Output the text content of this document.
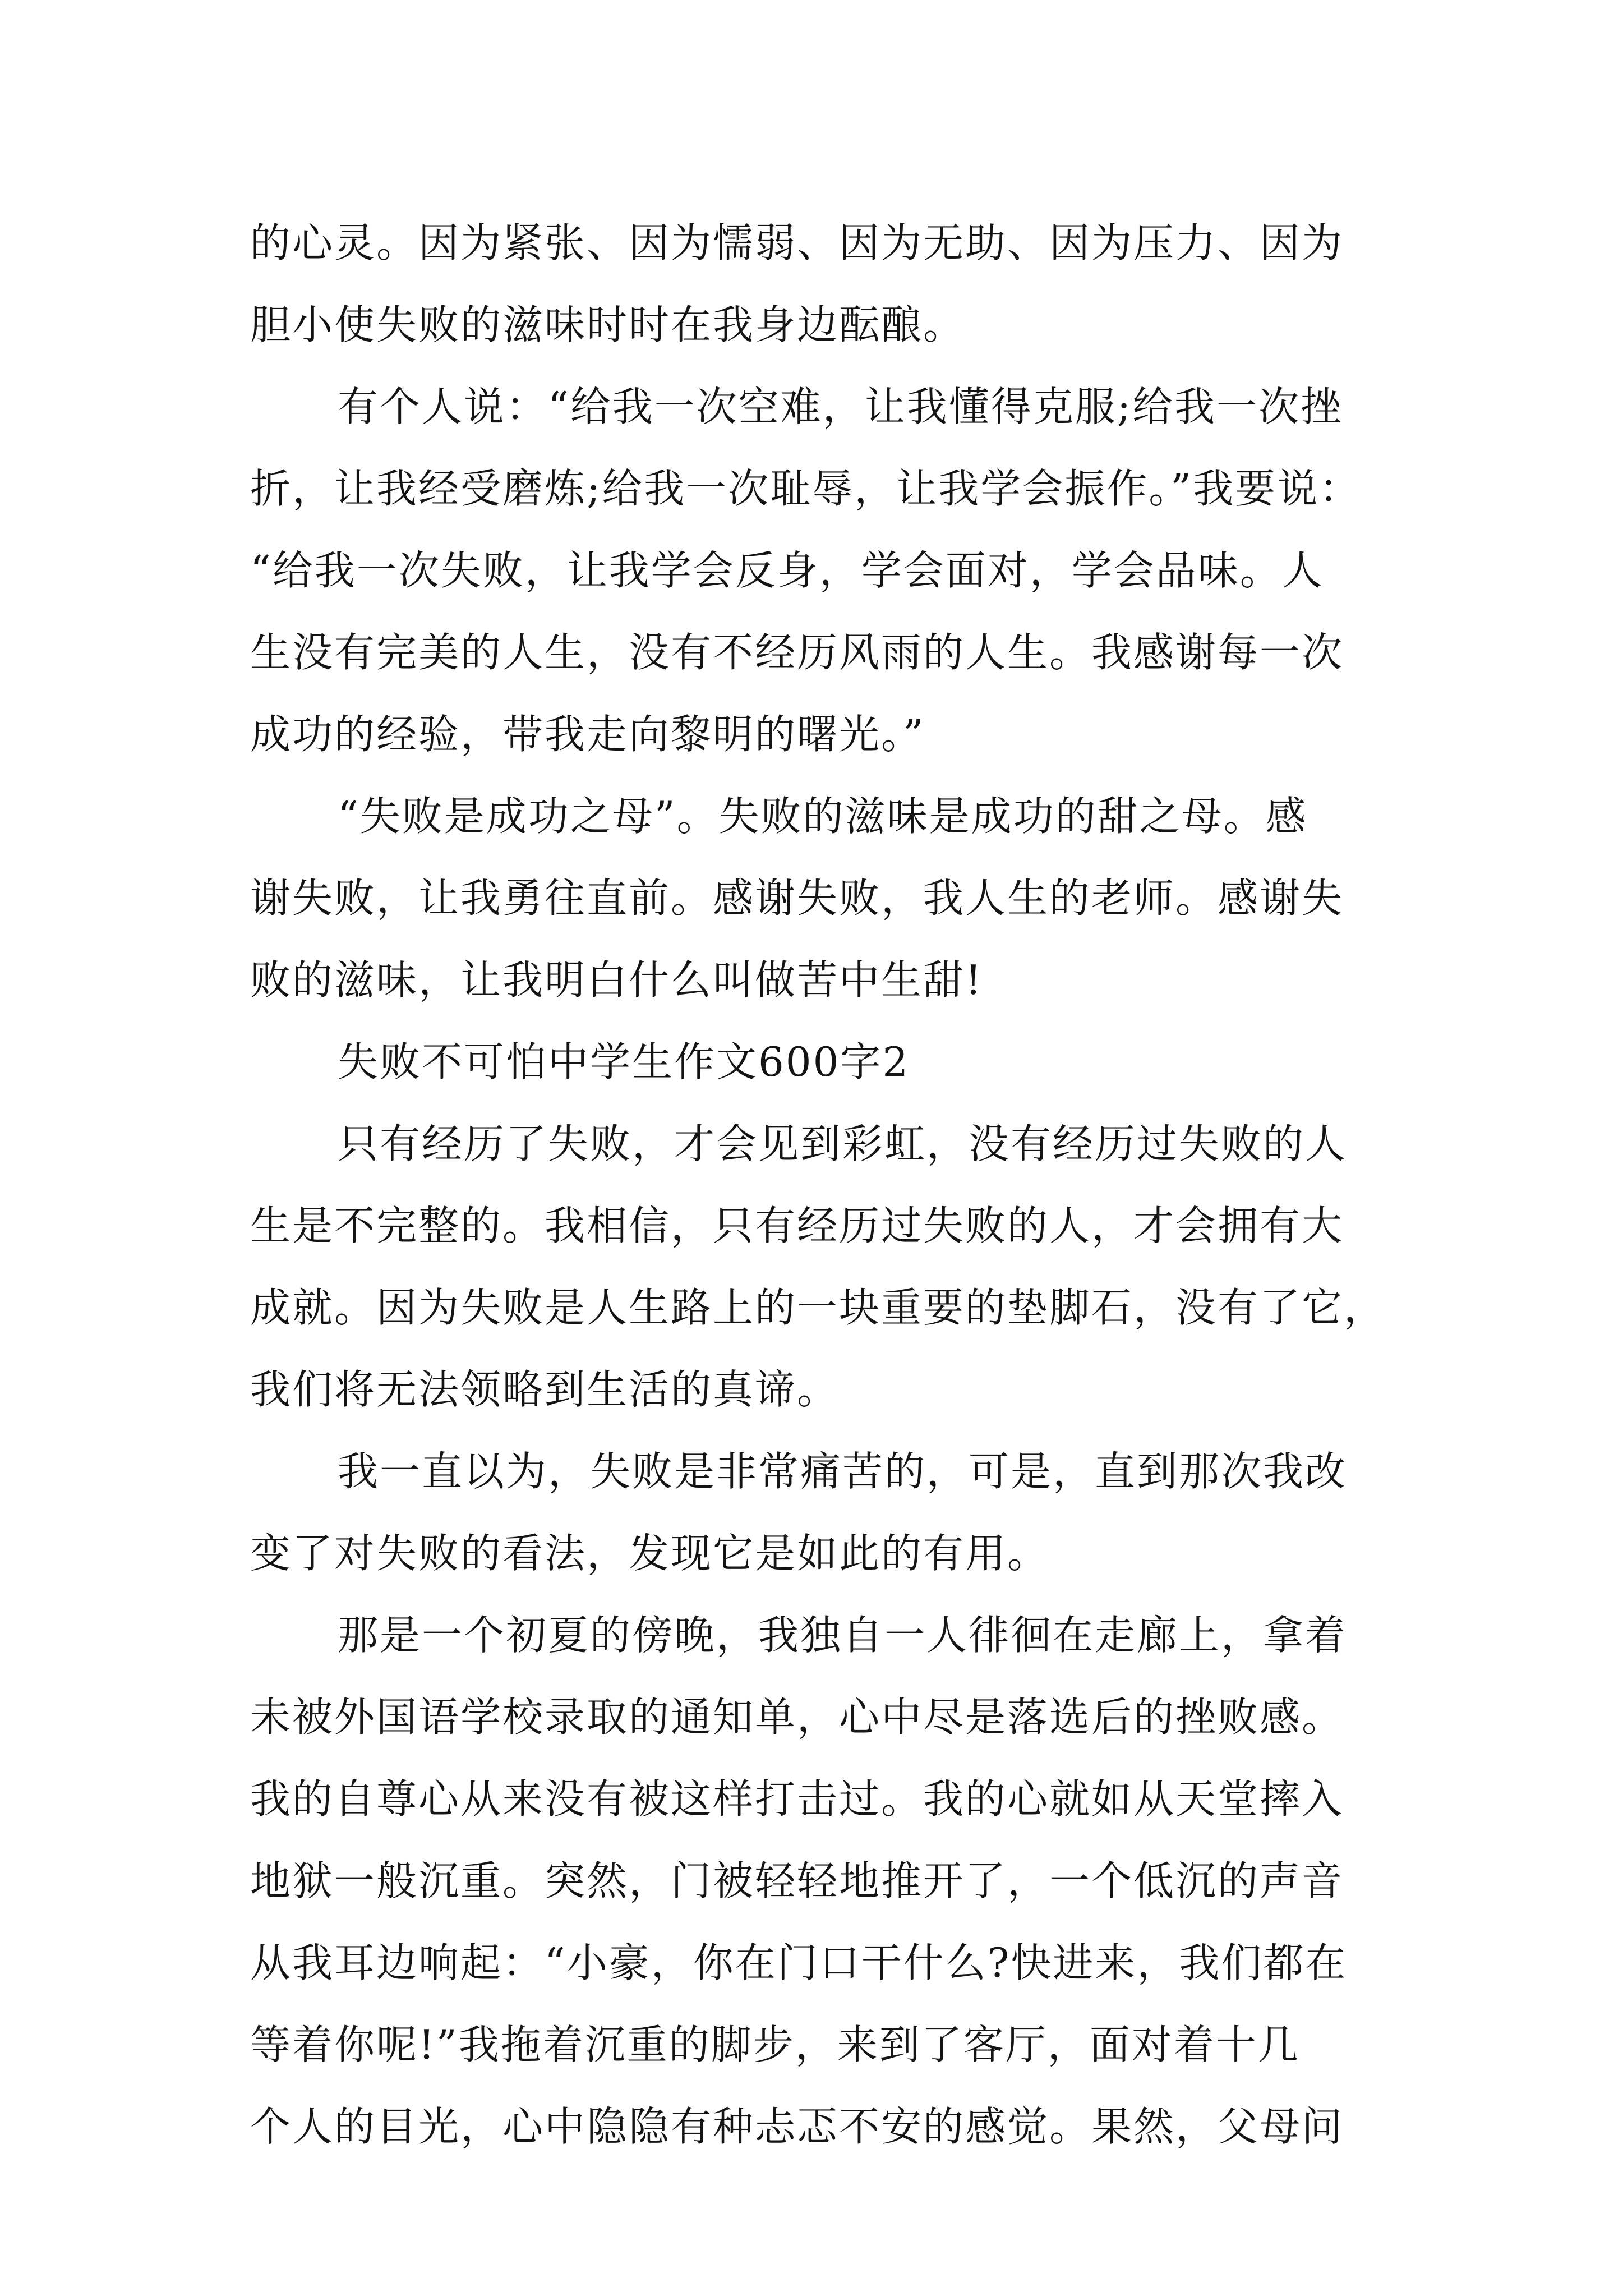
的心灵。因为紧张、因为懦弱、因为无助、因为压力、因为
胆小使失败的滋味时时在我身边酝酿。
有个人说：“给我一次空难，让我懂得克服;给我一次挫
折，让我经受磨炼;给我一次耻辱，让我学会振作。”我要说：
“给我一次失败，让我学会反身，学会面对，学会品味。人
生没有完美的人生，没有不经历风雨的人生。我感谢每一次
成功的经验，带我走向黎明的曙光。”
“失败是成功之母”。失败的滋味是成功的甜之母。感
谢失败，让我勇往直前。感谢失败，我人生的老师。感谢失
败的滋味，让我明白什么叫做苦中生甜!
失败不可怕中学生作文600字2
只有经历了失败，才会见到彩虹，没有经历过失败的人
生是不完整的。我相信，只有经历过失败的人，才会拥有大
成就。因为失败是人生路上的一块重要的垫脚石，没有了它，
我们将无法领略到生活的真谛。
我一直以为，失败是非常痛苦的，可是，直到那次我改
变了对失败的看法，发现它是如此的有用。
那是一个初夏的傍晚，我独自一人徘徊在走廊上，拿着
未被外国语学校录取的通知单，心中尽是落选后的挫败感。
我的自尊心从来没有被这样打击过。我的心就如从天堂摔入
地狱一般沉重。突然，门被轻轻地推开了，一个低沉的声音
从我耳边响起：“小豪，你在门口干什么?快进来，我们都在
等着你呢!”我拖着沉重的脚步，来到了客厅，面对着十几
个人的目光，心中隐隐有种忐忑不安的感觉。果然，父母问
